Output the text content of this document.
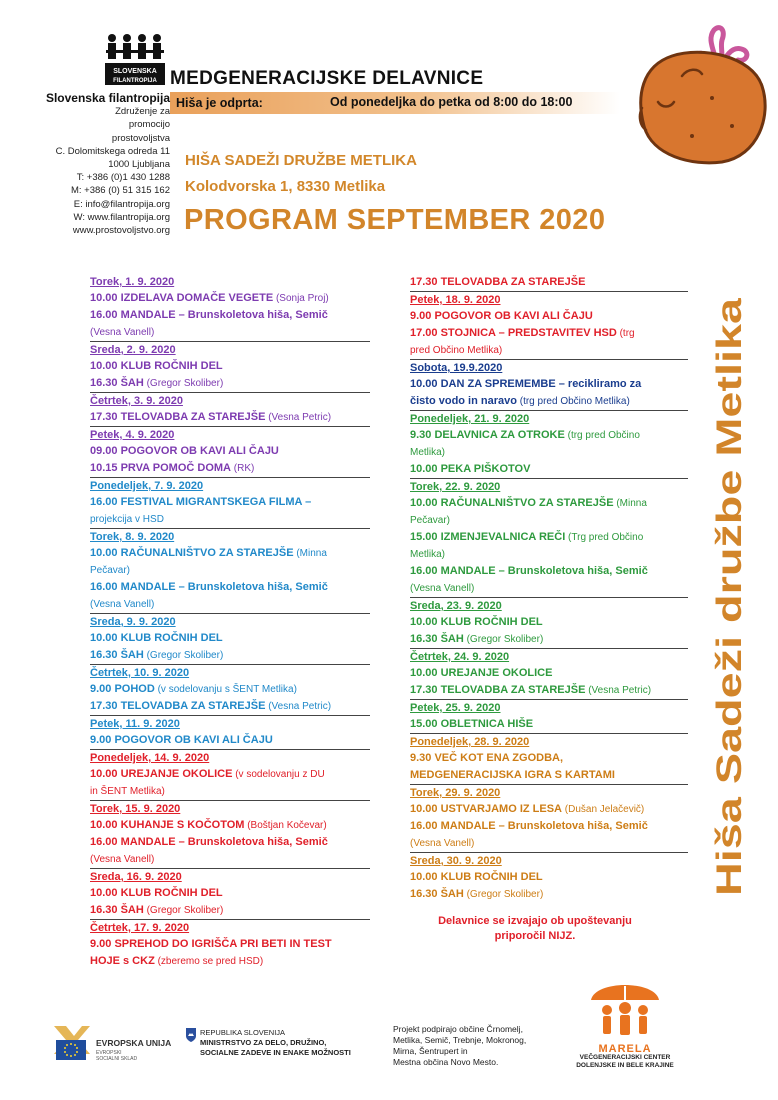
SLOVENSKA
FILANTROPIJA MEDGENERACIJSKE DELAVNICE
Hiša je odprta:	Od ponedeljka do petka od 8:00 do 18:00
Slovenska filantropija
Združenje za
promocijo
prostovoljstva
C. Dolomitskega odreda 11
1000 Ljubljana
T: +386 (0)1 430 1288
M: +386 (0) 51 315 162
E: info@filantropija.org
W: www.filantropija.org
www.prostovoljstvo.org
HIŠA SADEŽI DRUŽBE METLIKA
Kolodvorska 1, 8330 Metlika
PROGRAM SEPTEMBER 2020
Hiša Sadeži družbe Metlika
Torek, 1. 9. 2020
10.00 IZDELAVA DOMAČE VEGETE (Sonja Proj)
16.00 MANDALE – Brunskoletova hiša, Semič
(Vesna Vanell)
Sreda, 2. 9. 2020
10.00 KLUB ROČNIH DEL
16.30 ŠAH (Gregor Skoliber)
Četrtek, 3. 9. 2020
17.30 TELOVADBA ZA STAREJŠE (Vesna Petric)
Petek, 4. 9. 2020
09.00 POGOVOR OB KAVI ALI ČAJU
10.15 PRVA POMOČ DOMA (RK)
Ponedeljek, 7. 9. 2020
16.00 FESTIVAL MIGRANTSKEGA FILMA –
projekcija v HSD
Torek, 8. 9. 2020
10.00 RAČUNALNIŠTVO ZA STAREJŠE (Minna
Pečavar)
16.00 MANDALE – Brunskoletova hiša, Semič
(Vesna Vanell)
Sreda, 9. 9. 2020
10.00 KLUB ROČNIH DEL
16.30 ŠAH (Gregor Skoliber)
Četrtek, 10. 9. 2020
9.00 POHOD (v sodelovanju s ŠENT Metlika)
17.30 TELOVADBA ZA STAREJŠE (Vesna Petric)
Petek, 11. 9. 2020
9.00 POGOVOR OB KAVI ALI ČAJU
Ponedeljek, 14. 9. 2020
10.00 UREJANJE OKOLICE (v sodelovanju z DU
in ŠENT Metlika)
Torek, 15. 9. 2020
10.00 KUHANJE S KOČOTOM (Boštjan Kočevar)
16.00 MANDALE – Brunskoletova hiša, Semič
(Vesna Vanell)
Sreda, 16. 9. 2020
10.00 KLUB ROČNIH DEL
16.30 ŠAH (Gregor Skoliber)
Četrtek, 17. 9. 2020
9.00 SPREHOD DO IGRIŠČA PRI BETI IN TEST
HOJE s CKZ (zberemo se pred HSD)
17.30 TELOVADBA ZA STAREJŠE
Petek, 18. 9. 2020
9.00 POGOVOR OB KAVI ALI ČAJU
17.00 STOJNICA – PREDSTAVITEV HSD (trg
pred Občino Metlika)
Sobota, 19.9.2020
10.00 DAN ZA SPREMEMBE – recikliramo za
čisto vodo in naravo (trg pred Občino Metlika)
Ponedeljek, 21. 9. 2020
9.30 DELAVNICA ZA OTROKE (trg pred Občino
Metlika)
10.00 PEKA PIŠKOTOV
Torek, 22. 9. 2020
10.00 RAČUNALNIŠTVO ZA STAREJŠE (Minna
Pečavar)
15.00 IZMENJEVALNICA REČI (Trg pred Občino
Metlika)
16.00 MANDALE – Brunskoletova hiša, Semič
(Vesna Vanell)
Sreda, 23. 9. 2020
10.00 KLUB ROČNIH DEL
16.30 ŠAH (Gregor Skoliber)
Četrtek, 24. 9. 2020
10.00 UREJANJE OKOLICE
17.30 TELOVADBA ZA STAREJŠE (Vesna Petric)
Petek, 25. 9. 2020
15.00 OBLETNICA HIŠE
Ponedeljek, 28. 9. 2020
9.30 VEČ KOT ENA ZGODBA,
MEDGENERACIJSKA IGRA S KARTAMI
Torek, 29. 9. 2020
10.00 USTVARJAMO IZ LESA (Dušan Jelačevič)
16.00 MANDALE – Brunskoletova hiša, Semič
(Vesna Vanell)
Sreda, 30. 9. 2020
10.00 KLUB ROČNIH DEL
16.30 ŠAH (Gregor Skoliber)
Delavnice se izvajajo ob upoštevanju
priporočil NIJZ.
EVROPSKA UNIJA
EVROPSKI
SOCIALNI SKLAD
REPUBLIKA SLOVENIJA
MINISTRSTVO ZA DELO, DRUŽINO,
SOCIALNE ZADEVE IN ENAKE MOŽNOSTI
Projekt podpirajo občine Črnomelj,
Metlika, Semič, Trebnje, Mokronog,
Mirna, Šentrupert in
Mestna občina Novo Mesto.
MARELA
VEČGENERACIJSKI CENTER
DOLENJSKE IN BELE KRAJINE
